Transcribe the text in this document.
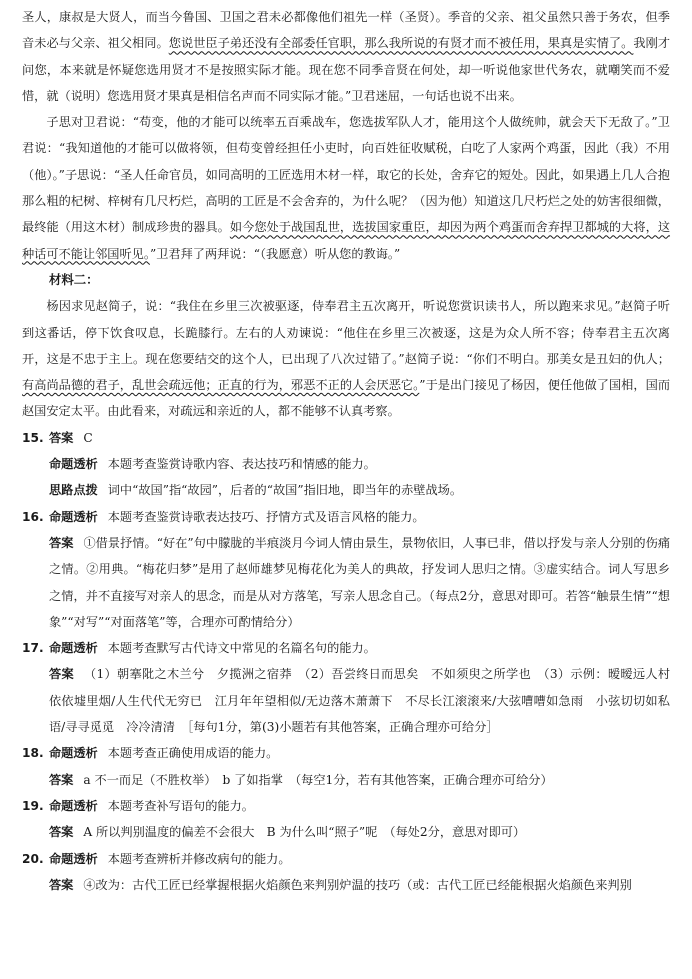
圣人，康叔是大贤人，而当今鲁国、卫国之君未必都像他们祖先一样（圣贤）。季音的父亲、祖父虽然只善于务农，但季音未必与父亲、祖父相同。您说世臣子弟还没有全部委任官职，那么我所说的有贤才而不被任用，果真是实情了。我刚才问您，本来就是怀疑您选用贤才不是按照实际才能。现在您不同季音贤在何处，却一听说他家世代务农，就嘲笑而不爱惜，就（说明）您选用贤才果真是相信名声而不同实际才能。”卫君迷屈，一句话也说不出来。

子思对卫君说：“苟变，他的才能可以统率五百乘战车，您选拔军队人才，能用这个人做统帅，就会天下无敌了。”卫君说：“我知道他的才能可以做将领，但苟变曾经担任小吏时，向百姓征收赋税，白吃了人家两个鸡蛋，因此（我）不用（他）。”子思说：“圣人任命官员，如同高明的工匠选用木材一样，取它的长处，舍弃它的短处。因此，如果遇上几人合抱那么粗的杞树、梓树有几尺朽烂，高明的工匠是不会舍弃的，为什么呢？（因为他）知道这几尺朽烂之处的妨害很细微，最终能（用这木材）制成珍贵的器具。如今您处于战国乱世，选拔国家重臣，却因为两个鸡蛋而舍弃捍卫都城的大将，这种话可不能让邻国听见。”卫君拜了两拜说：“（我愿意）听从您的教诲。”

材料二：

杨因求见赵简子，说：“我住在乡里三次被驱逐，侍奉君主五次离开，听说您赏识读书人，所以跑来求见。”赵简子听到这番话，停下饮食叹息，长跪膝行。左右的人劝谏说：“他住在乡里三次被逐，这是为众人所不容；侍奉君主五次离开，这是不忠于主上。现在您要结交的这个人，已出现了八次过错了。”赵简子说：“你们不明白。那美女是丑妇的仇人；有高尚品德的君子，乱世会疏远他；正直的行为，邪恶不正的人会厌恶它。”于是出门接见了杨因，便任他做了国相，国而赵国安定太平。由此看来，对疏远和亲近的人，都不能够不认真考察。

15. 答案 C

命题透析 本题考查鉴赏诗歌内容、表达技巧和情感的能力。

思路点拨 词中“故国”指“故园”，后者的“故国”指旧地，即当年的赤壁战场。

16. 命题透析 本题考查鉴赏诗歌表达技巧、抒情方式及语言风格的能力。

答案 ①借景抒情。“好在”句中朦胧的半痕淡月今词人情由景生，景物依旧，人事已非，借以抒发与亲人分别的伤痛之情。②用典。“梅花归梦”是用了赵师雄梦见梅花化为美人的典故，抒发词人思归之情。③虚实结合。词人写思乡之情，并不直接写对亲人的思念，而是从对方落笔，写亲人思念自己。（每点2分，意思对即可。若答“触景生情”“想象”“对写”“对面落笔”等，合理亦可酌情给分）

17. 命题透析 本题考查默写古代诗文中常见的名篇名句的能力。

答案 （1）朝搴阰之木兰兮　夕揽洲之宿莽　（2）吾尝终日而思矣　不如须臾之所学也　（3）示例：暧暧远人村　依依墟里烟/人生代代无穷已　江月年年望相似/无边落木萧萧下　不尽长江滚滚来/大弦嘈嘈如急雨　小弦切切如私语/寻寻觅觅　冷冷清清　［每句1分，第(3)小题若有其他答案，正确合理亦可给分］

18. 命题透析 本题考查正确使用成语的能力。

答案 a 不一而足（不胜枚举）　b 了如指掌　（每空1分，若有其他答案，正确合理亦可给分）

19. 命题透析 本题考查补写语句的能力。

答案 A 所以判别温度的偏差不会很大　B 为什么叫“照子”呢　（每处2分，意思对即可）

20. 命题透析 本题考查辨析并修改病句的能力。

答案 ④改为：古代工匠已经掌握根据火焰颜色来判别炉温的技巧（或：古代工匠已经能根据火焰颜色来判别
